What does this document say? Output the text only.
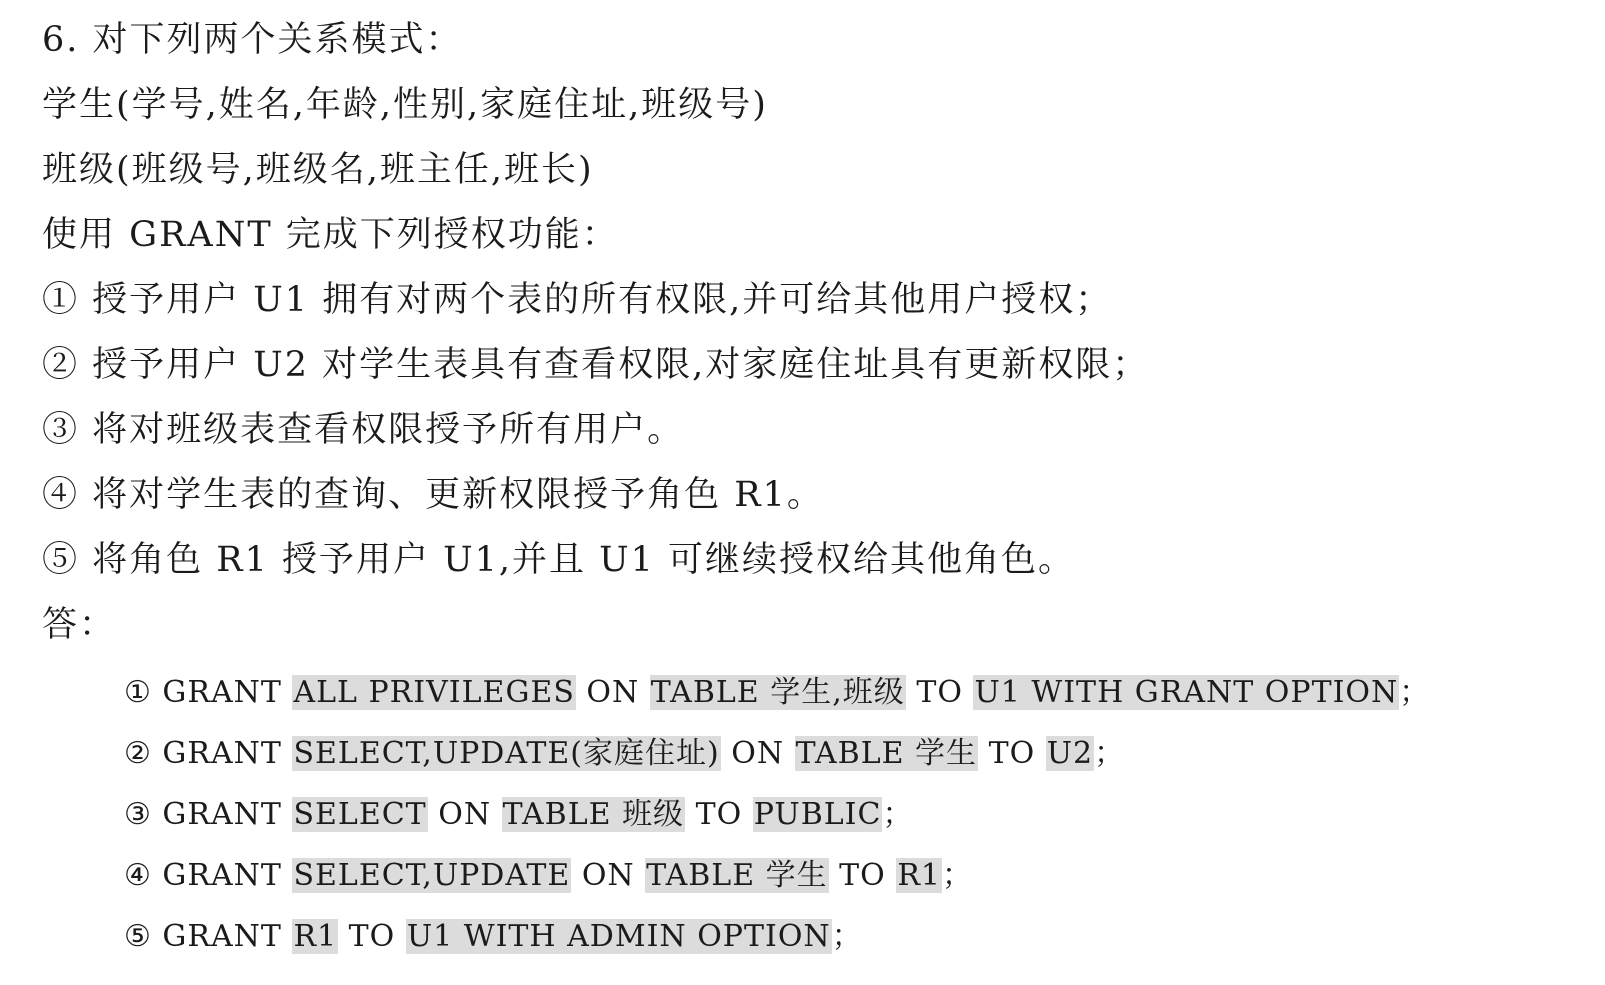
6. 对下列两个关系模式：
学生(学号,姓名,年龄,性别,家庭住址,班级号)
班级(班级号,班级名,班主任,班长)
使用 GRANT 完成下列授权功能：
① 授予用户 U1 拥有对两个表的所有权限,并可给其他用户授权；
② 授予用户 U2 对学生表具有查看权限,对家庭住址具有更新权限；
③ 将对班级表查看权限授予所有用户。
④ 将对学生表的查询、更新权限授予角色 R1。
⑤ 将角色 R1 授予用户 U1,并且 U1 可继续授权给其他角色。
答：
① GRANT ALL PRIVILEGES ON TABLE 学生,班级 TO U1 WITH GRANT OPTION；
② GRANT SELECT,UPDATE(家庭住址) ON TABLE 学生 TO U2；
③ GRANT SELECT ON TABLE 班级 TO PUBLIC；
④ GRANT SELECT,UPDATE ON TABLE 学生 TO R1；
⑤ GRANT R1 TO U1 WITH ADMIN OPTION；
